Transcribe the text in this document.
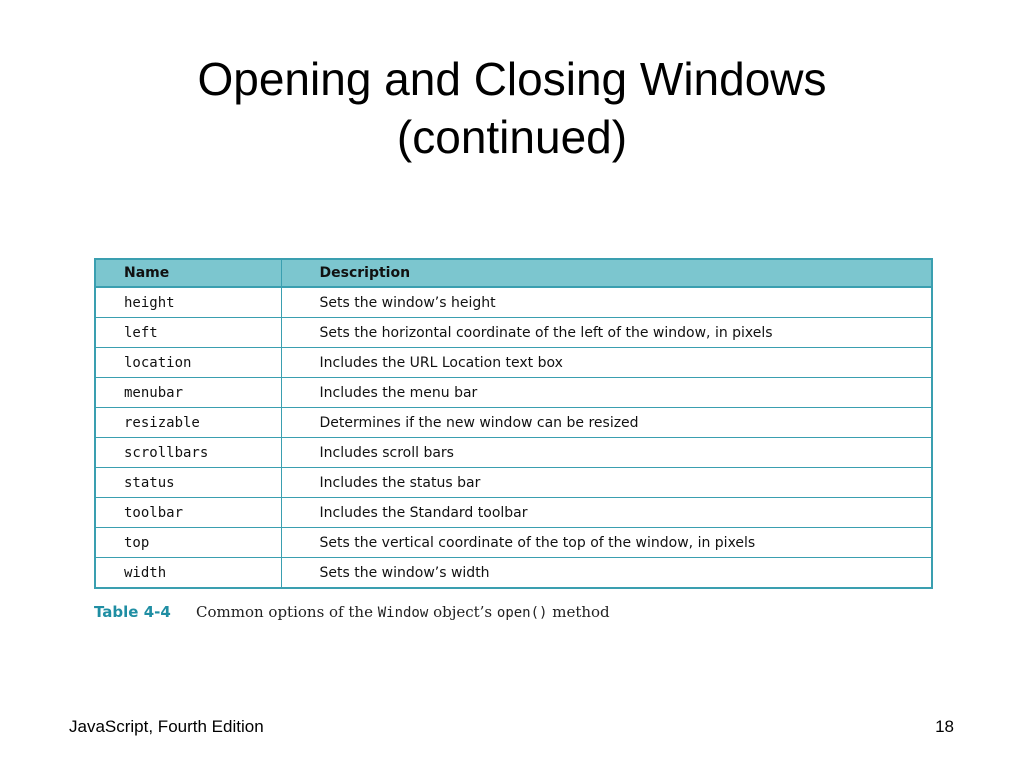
Opening and Closing Windows
(continued)
Name	Description
height	Sets the window’s height
left	Sets the horizontal coordinate of the left of the window, in pixels
location	Includes the URL Location text box
menubar	Includes the menu bar
resizable	Determines if the new window can be resized
scrollbars	Includes scroll bars
status	Includes the status bar
toolbar	Includes the Standard toolbar
top	Sets the vertical coordinate of the top of the window, in pixels
width	Sets the window’s width
Table 4-4 Common options of the Window object’s open() method
JavaScript, Fourth Edition	18
